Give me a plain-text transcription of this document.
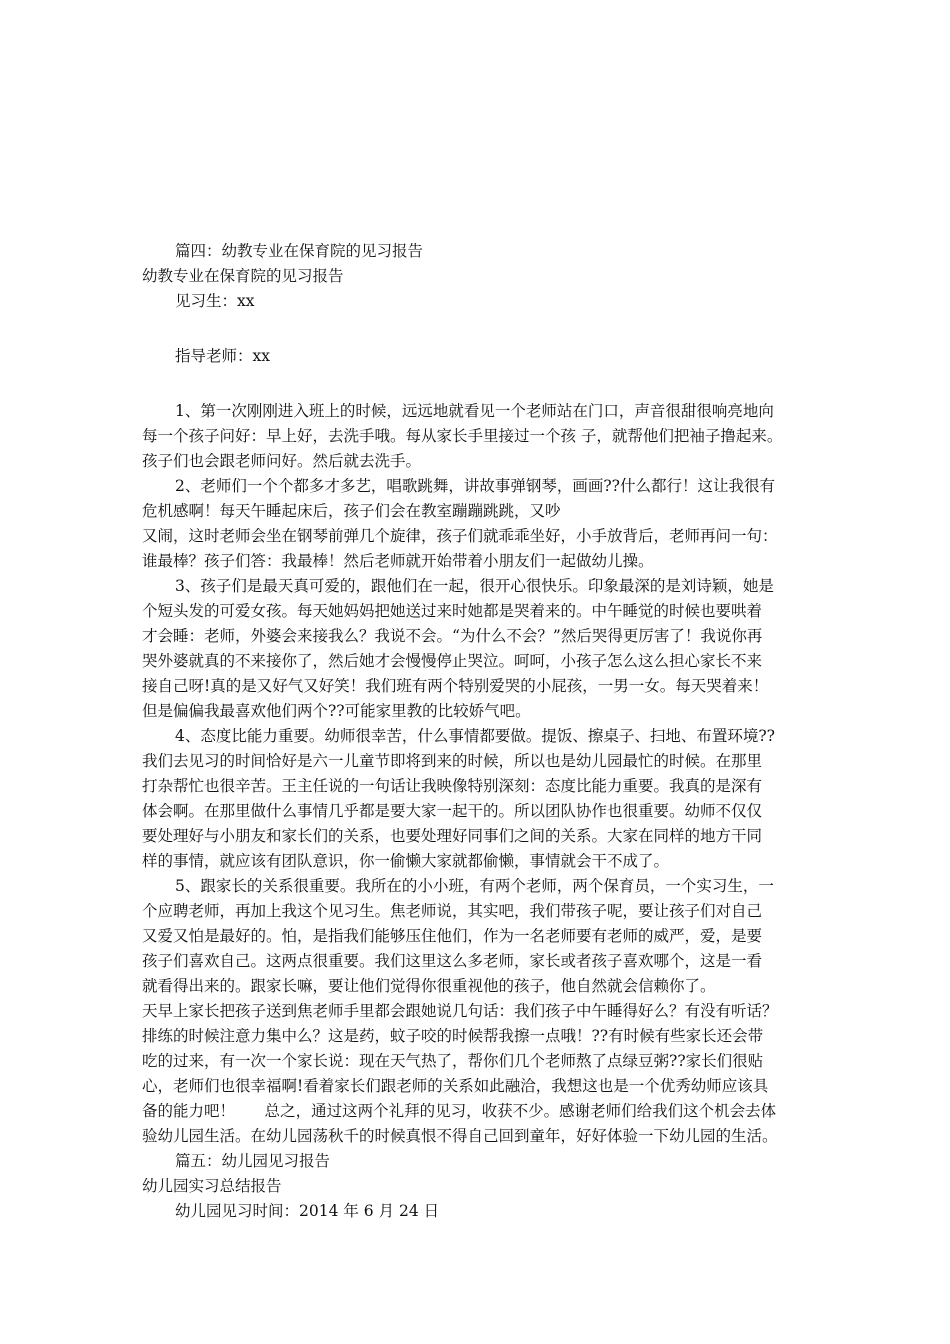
篇四：幼教专业在保育院的见习报告
幼教专业在保育院的见习报告
见习生：xx
指导老师：xx
1、第一次刚刚进入班上的时候，远远地就看见一个老师站在门口，声音很甜很响亮地向
每一个孩子问好：早上好，去洗手哦。每从家长手里接过一个孩 子，就帮他们把袖子撸起来。
孩子们也会跟老师问好。然后就去洗手。
2、老师们一个个都多才多艺，唱歌跳舞，讲故事弹钢琴，画画??什么都行！这让我很有
危机感啊！每天午睡起床后，孩子们会在教室蹦蹦跳跳，又吵
又闹，这时老师会坐在钢琴前弹几个旋律，孩子们就乖乖坐好，小手放背后，老师再问一句：
谁最棒？孩子们答：我最棒！然后老师就开始带着小朋友们一起做幼儿操。
3、孩子们是最天真可爱的，跟他们在一起，很开心很快乐。印象最深的是刘诗颖，她是
个短头发的可爱女孩。每天她妈妈把她送过来时她都是哭着来的。中午睡觉的时候也要哄着
才会睡：老师，外婆会来接我么？我说不会。“为什么不会？”然后哭得更厉害了！我说你再
哭外婆就真的不来接你了，然后她才会慢慢停止哭泣。呵呵，小孩子怎么这么担心家长不来
接自己呀!真的是又好气又好笑！我们班有两个特别爱哭的小屁孩，一男一女。每天哭着来！
但是偏偏我最喜欢他们两个??可能家里教的比较娇气吧。
4、态度比能力重要。幼师很幸苦，什么事情都要做。提饭、擦桌子、扫地、布置环境??
我们去见习的时间恰好是六一儿童节即将到来的时候，所以也是幼儿园最忙的时候。在那里
打杂帮忙也很辛苦。王主任说的一句话让我映像特别深刻：态度比能力重要。我真的是深有
体会啊。在那里做什么事情几乎都是要大家一起干的。所以团队协作也很重要。幼师不仅仅
要处理好与小朋友和家长们的关系，也要处理好同事们之间的关系。大家在同样的地方干同
样的事情，就应该有团队意识，你一偷懒大家就都偷懒，事情就会干不成了。
5、跟家长的关系很重要。我所在的小小班，有两个老师，两个保育员，一个实习生，一
个应聘老师，再加上我这个见习生。焦老师说，其实吧，我们带孩子呢，要让孩子们对自己
又爱又怕是最好的。怕，是指我们能够压住他们，作为一名老师要有老师的威严，爱，是要
孩子们喜欢自己。这两点很重要。我们这里这么多老师，家长或者孩子喜欢哪个，这是一看
就看得出来的。跟家长嘛，要让他们觉得你很重视他的孩子，他自然就会信赖你了。
天早上家长把孩子送到焦老师手里都会跟她说几句话：我们孩子中午睡得好么？有没有听话？
排练的时候注意力集中么？这是药，蚊子咬的时候帮我擦一点哦！??有时候有些家长还会带
吃的过来，有一次一个家长说：现在天气热了，帮你们几个老师熬了点绿豆粥??家长们很贴
心，老师们也很幸福啊!看着家长们跟老师的关系如此融洽，我想这也是一个优秀幼师应该具
备的能力吧！      总之，通过这两个礼拜的见习，收获不少。感谢老师们给我们这个机会去体
验幼儿园生活。在幼儿园荡秋千的时候真恨不得自己回到童年，好好体验一下幼儿园的生活。
篇五：幼儿园见习报告
幼儿园实习总结报告
幼儿园见习时间：2014 年 6 月 24 日
